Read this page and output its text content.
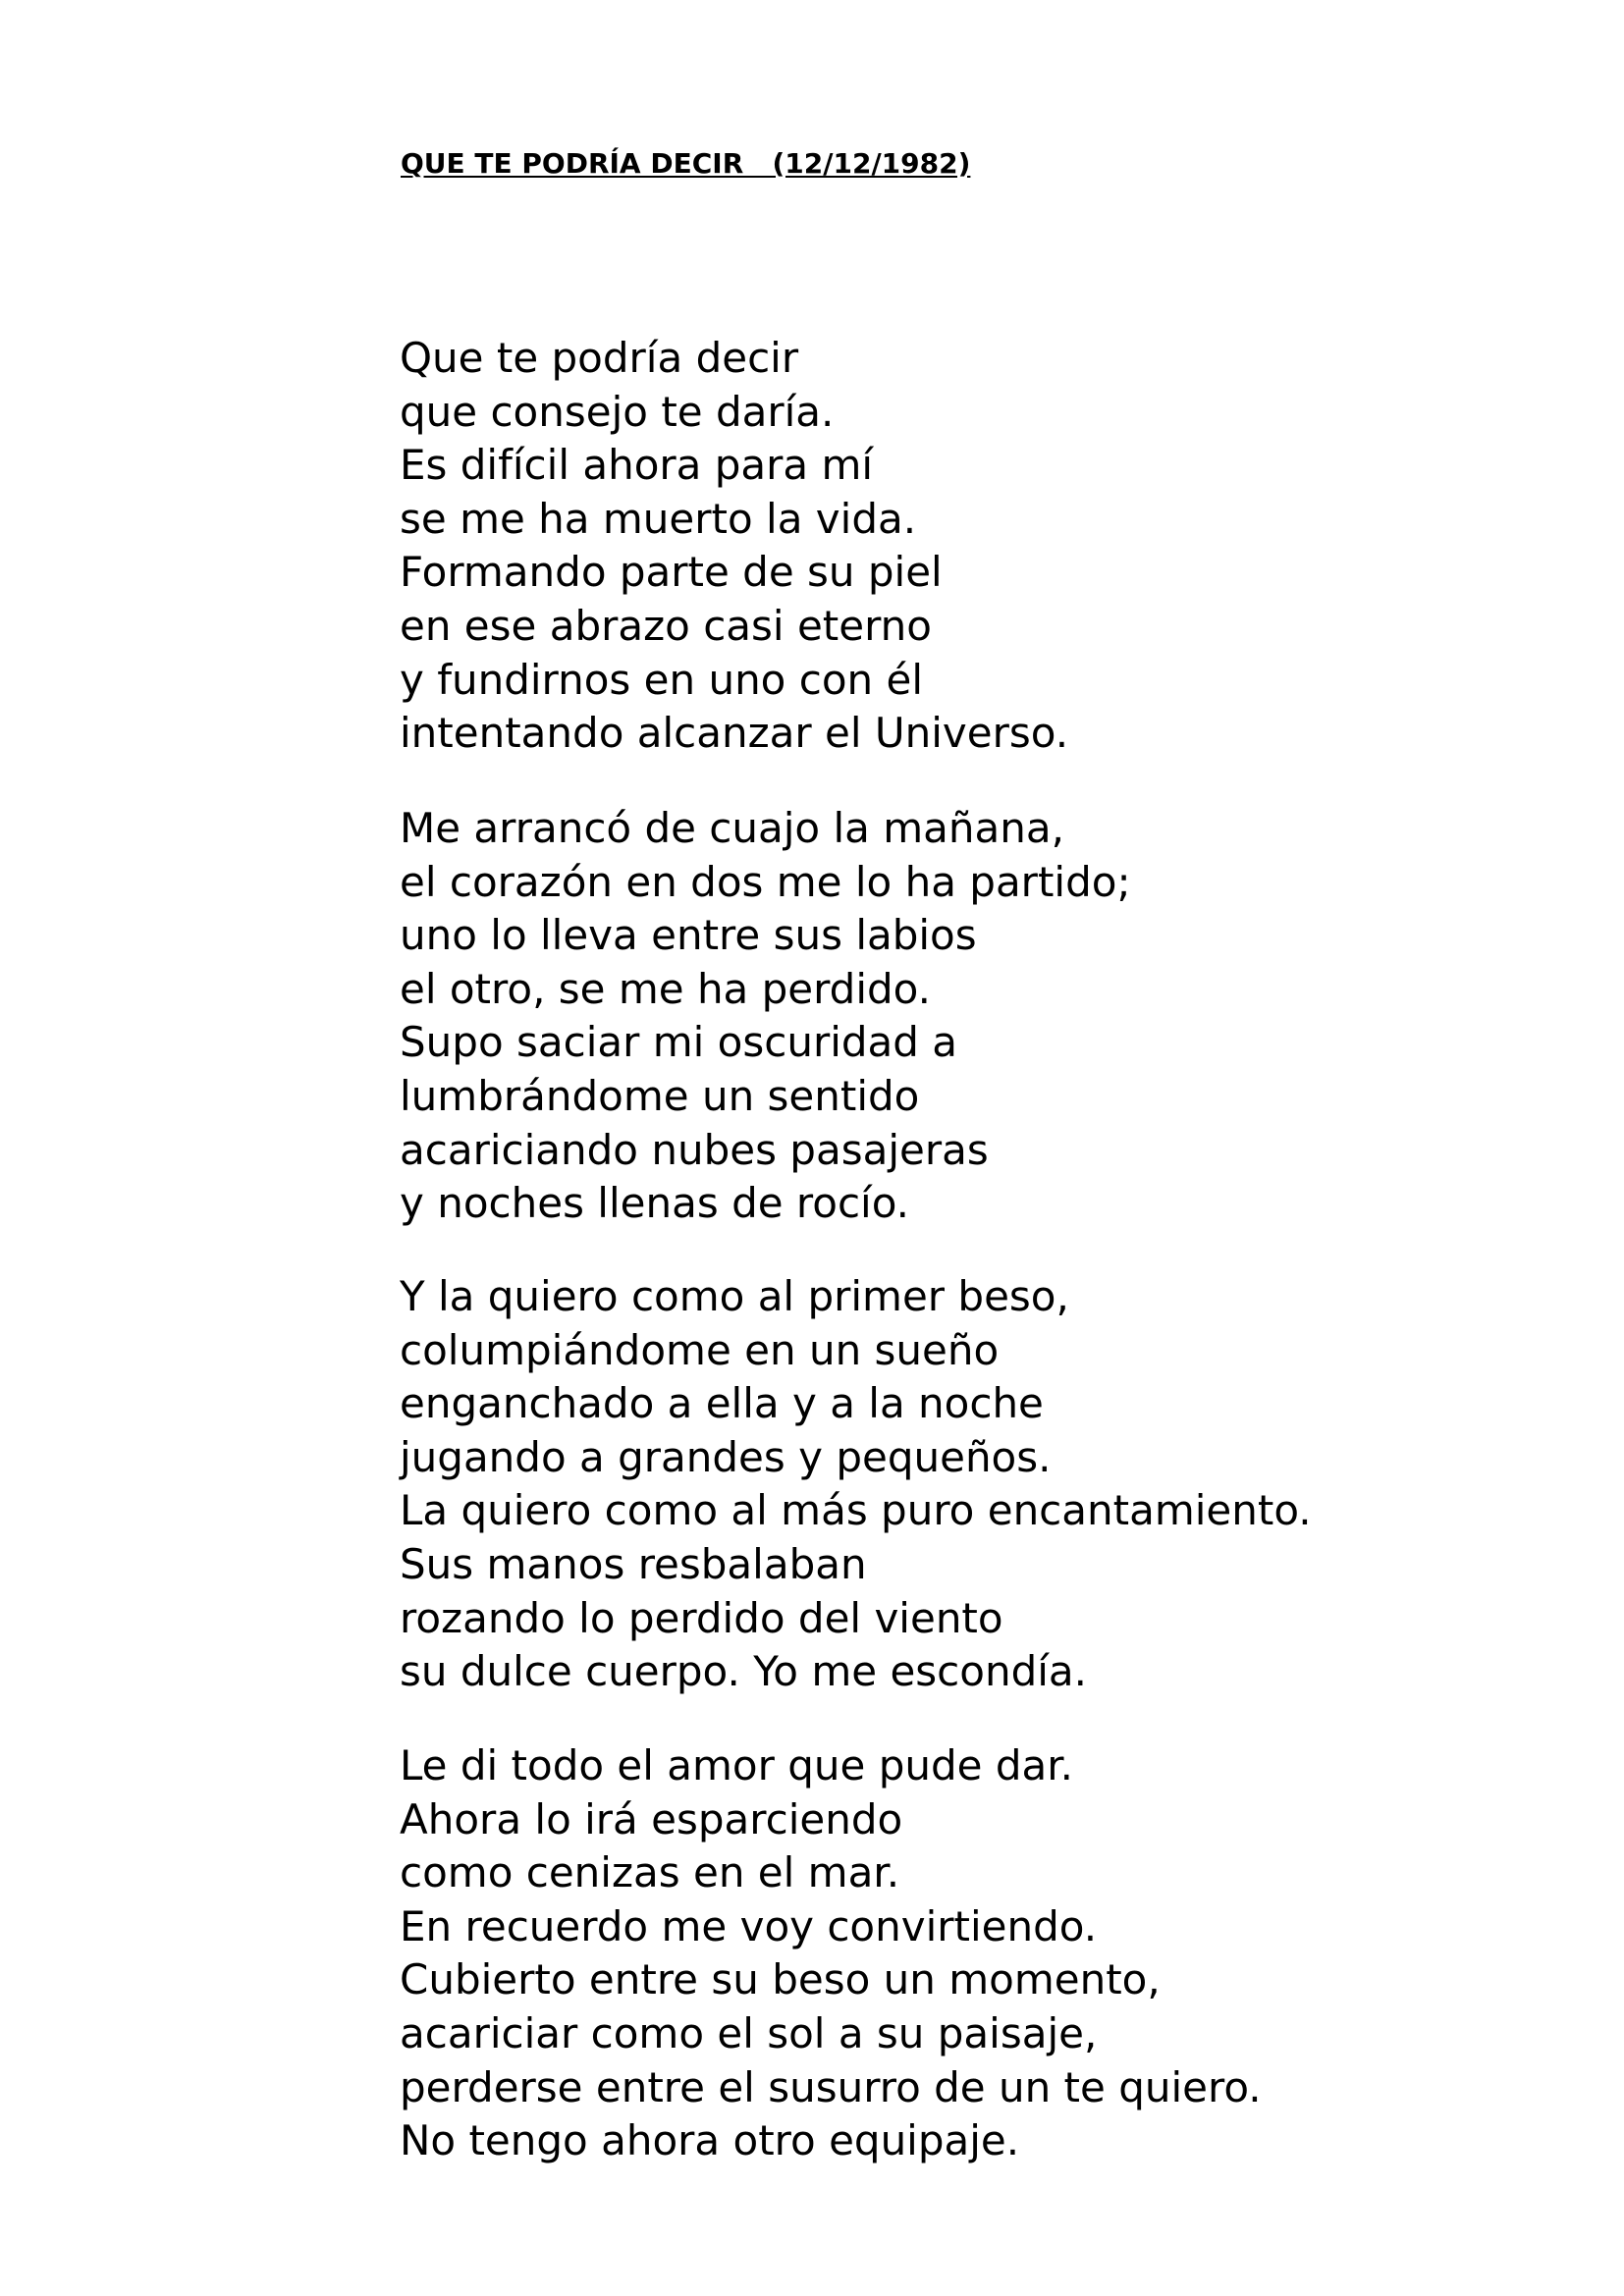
QUE TE PODRÍA DECIR   (12/12/1982)
Que te podría decir
que consejo te daría.
Es difícil ahora para mí
se me ha muerto la vida.
Formando parte de su piel
en ese abrazo casi eterno
y fundirnos en uno con él
intentando alcanzar el Universo.
Me arrancó de cuajo la mañana,
el corazón en dos me lo ha partido;
uno lo lleva entre sus labios
el otro, se me ha perdido.
Supo saciar mi oscuridad a
lumbrándome un sentido
acariciando nubes pasajeras
y noches llenas de rocío.
Y la quiero como al primer beso,
columpiándome en un sueño
enganchado a ella y a la noche
jugando a grandes y pequeños.
La quiero como al más puro encantamiento.
Sus manos resbalaban
rozando lo perdido del viento
su dulce cuerpo. Yo me escondía.
Le di todo el amor que pude dar.
Ahora lo irá esparciendo
como cenizas en el mar.
En recuerdo me voy convirtiendo.
Cubierto entre su beso un momento,
acariciar como el sol a su paisaje,
perderse entre el susurro de un te quiero.
No tengo ahora otro equipaje.
